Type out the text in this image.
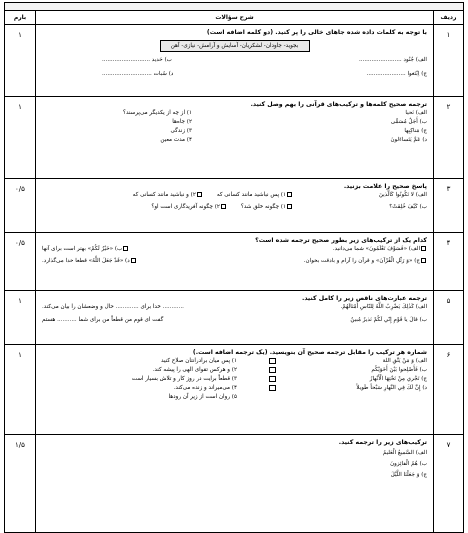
ردیف
شرح سؤالات
بارم
۱
با توجه به کلمات داده شده جاهای خالی را پر کنید. (دو کلمه اضافه است)
بجوید- جاودان- لشکریان- آسایش و آرامش- نیازی- آهن
الف) جُنُود ........................
ب) حَدید ...........................
ج) اِبْتَغوا ......................
د) سُبات ............................
۱
۲
ترجمه صحیح کلمه‌ها و ترکیب‌های قرآنی را بهم وصل کنید.
الف) نَحیا
ب) أَجَلٌ مُسَمًّی
ج) مَناكِبِها
د) عَمَّ يَتَساءَلونَ
۱) از چه از یکدیگر می‌پرسند؟
۲) جاه‌ها
۳) زندگی
۴) مدت معین
۱
۳
پاسخ صحیح را علامت بزنید.
الف) لا تَكُونُوا كَالَّذينَ
۱) پس نباشید مانند کسانی که
۲) و نباشید مانند کسانی که
ب) كَيْفَ خُلِقَتْ؟
۱) چگونه خلق شد؟
۲) چگونه آفریدگاری است او؟
۰/۵
۴
کدام یک از ترکیب‌های زیر بطور صحیح ترجمه شده است؟
الف) «فَسَوْفَ تَعْلَمُونَ» شما می‌دانید.
ب) «خَيْرٌ لَكُمْ» بهتر است برای آنها
ج) «وَ رَتِّلِ الْقُرْآنَ» و قرآن را آرام و بادقت بخوان.
د) «قَدْ جَعَلَ اللَّهُ» قطعا خدا می‌گذارد.
۰/۵
۵
ترجمه عبارت‌های ناقص زیر را کامل کنید.
الف) كَذٰلِكَ يَضْرِبُ اللَّهُ لِلنّاسِ أَمْثالَهُمْ.
............ خدا برای ............. حال و وضعشان را بیان می‌کند.
ب) قالَ يا قَوْمِ إِنّي لَكُمْ نَذيرٌ مُبينٌ
گفت ای قوم من قطعاً من برای شما ........... هستم
۱
۶
شماره هر ترکیب را مقابل ترجمه صحیح آن بنویسید. (یک ترجمه اضافه است.)
الف) وَ مَنْ يَتَّقِ اللهَ
ب) فَأَصْلِحوا بَيْنَ أَخَوَيْكُم
ج) تَجْري مِنْ تَحْتِهَا الْأَنْهارُ
د) إِنَّ لَكَ فِي النَّهارِ سَبْحاً طَويلاً
۱) پس میان برادرانتان صلاح کنید
۲) و هرکس تقوای الهی را پیشه کند.
۳) قطعاً برایت در روز کار و تلاش بسیار است
۴) می‌میراند و زنده می‌کند.
۵) روان است از زیر آن رودها
۱
۷
ترکیب‌های زیر را ترجمه کنید.
الف) السَّميعُ الْعَليمُ
ب) هُمُ الْفائِزونَ
ج) وَ جَعَلْنَا اللَّيْلَ
۱/۵
